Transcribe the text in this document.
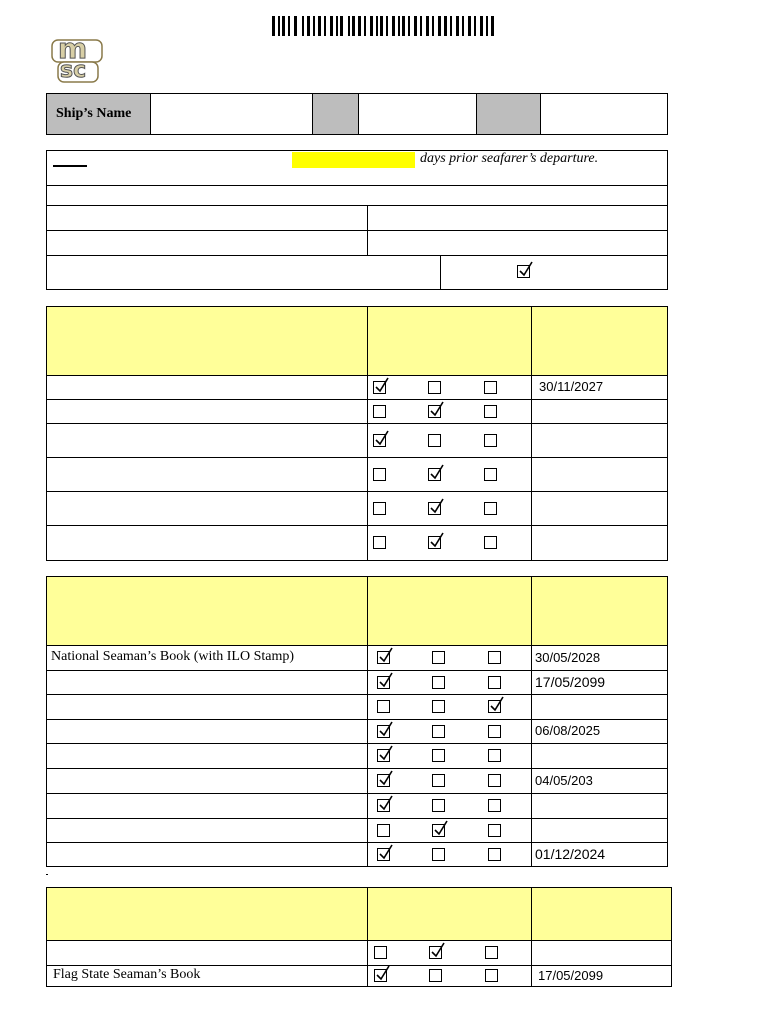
m
sc
Ship’s Name
days prior seafarer’s departure.
30/11/2027
National Seaman’s Book (with ILO Stamp)	30/05/2028
17/05/2099
06/08/2025
04/05/203
01/12/2024
Flag State Seaman’s Book	17/05/2099
